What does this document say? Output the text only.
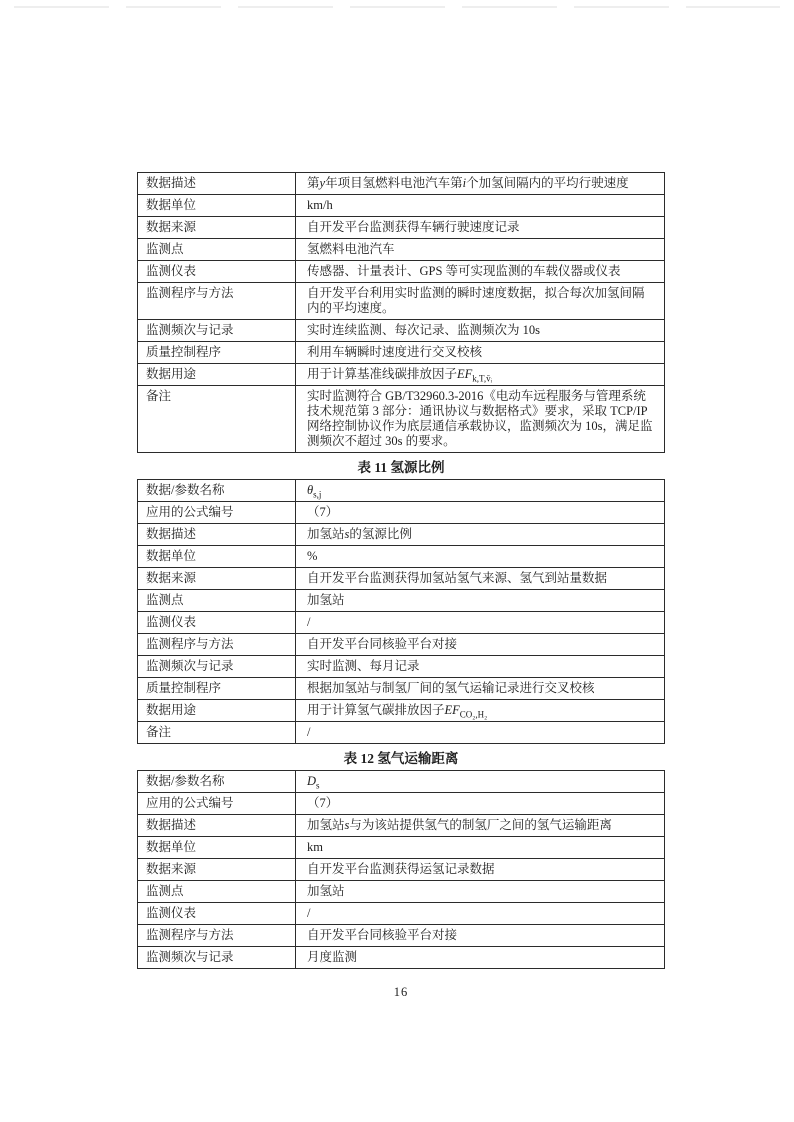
数据描述	第y年项目氢燃料电池汽车第i个加氢间隔内的平均行驶速度
数据单位	km/h
数据来源	自开发平台监测获得车辆行驶速度记录
监测点	氢燃料电池汽车
监测仪表	传感器、计量表计、GPS 等可实现监测的车载仪器或仪表
监测程序与方法	自开发平台利用实时监测的瞬时速度数据，拟合每次加氢间隔内的平均速度。
监测频次与记录	实时连续监测、每次记录、监测频次为 10s
质量控制程序	利用车辆瞬时速度进行交叉校核
数据用途	用于计算基准线碳排放因子$EF_{k,T,v̄ᵢ}$
备注	实时监测符合 GB/T32960.3-2016《电动车远程服务与管理系统技术规范第 3 部分：通讯协议与数据格式》要求，采取 TCP/IP 网络控制协议作为底层通信承载协议，监测频次为 10s，满足监测频次不超过 30s 的要求。
表 11 氢源比例
数据/参数名称	$\theta_{s,j}$
应用的公式编号	（7）
数据描述	加氢站s的氢源比例
数据单位	%
数据来源	自开发平台监测获得加氢站氢气来源、氢气到站量数据
监测点	加氢站
监测仪表	/
监测程序与方法	自开发平台同核验平台对接
监测频次与记录	实时监测、每月记录
质量控制程序	根据加氢站与制氢厂间的氢气运输记录进行交叉校核
数据用途	用于计算氢气碳排放因子$EF_{CO_2,H_2}$
备注	/
表 12 氢气运输距离
数据/参数名称	$D_s$
应用的公式编号	（7）
数据描述	加氢站s与为该站提供氢气的制氢厂之间的氢气运输距离
数据单位	km
数据来源	自开发平台监测获得运氢记录数据
监测点	加氢站
监测仪表	/
监测程序与方法	自开发平台同核验平台对接
监测频次与记录	月度监测
16
